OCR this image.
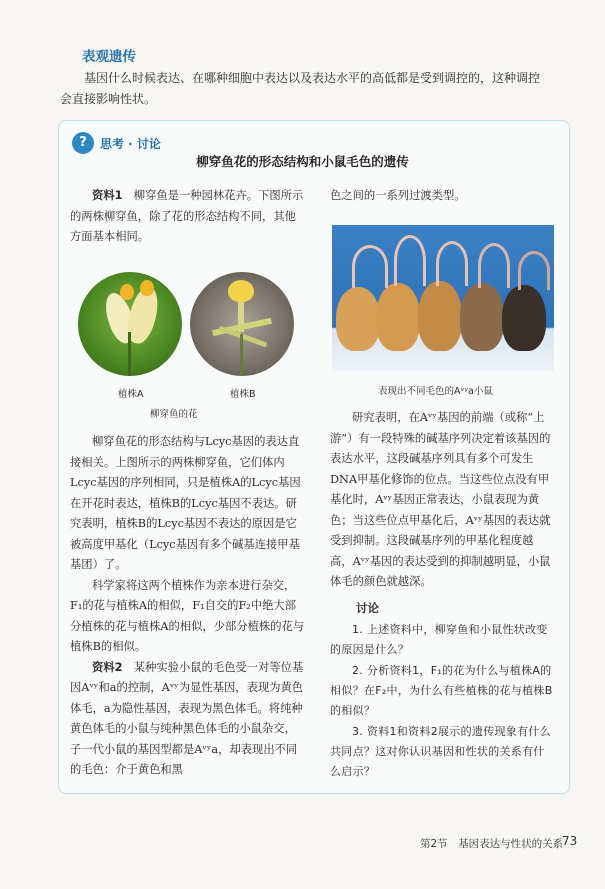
表观遗传
基因什么时候表达、在哪种细胞中表达以及表达水平的高低都是受到调控的，这种调控会直接影响性状。
?	思考 · 讨论
柳穿鱼花的形态结构和小鼠毛色的遗传

资料1　 柳穿鱼是一种园林花卉。下图所示的两株柳穿鱼，除了花的形态结构不同，其他方面基本相同。

植株A	植株B
柳穿鱼的花

柳穿鱼花的形态结构与Lcyc基因的表达直接相关。上图所示的两株柳穿鱼，它们体内Lcyc基因的序列相同，只是植株A的Lcyc基因在开花时表达，植株B的Lcyc基因不表达。研究表明，植株B的Lcyc基因不表达的原因是它被高度甲基化（Lcyc基因有多个碱基连接甲基基团）了。

科学家将这两个植株作为亲本进行杂交，F₁的花与植株A的相似，F₁自交的F₂中绝大部分植株的花与植株A的相似，少部分植株的花与植株B的相似。

资料2　 某种实验小鼠的毛色受一对等位基因Aᵛʸ和a的控制，Aᵛʸ为显性基因，表现为黄色体毛，a为隐性基因，表现为黑色体毛。将纯种黄色体毛的小鼠与纯种黑色体毛的小鼠杂交，子一代小鼠的基因型都是Aᵛʸa，却表现出不同的毛色：介于黄色和黑

色之间的一系列过渡类型。

表现出不同毛色的Aᵛʸa小鼠

研究表明，在Aᵛʸ基因的前端（或称“上游”）有一段特殊的碱基序列决定着该基因的表达水平，这段碱基序列具有多个可发生DNA甲基化修饰的位点。当这些位点没有甲基化时，Aᵛʸ基因正常表达，小鼠表现为黄色；当这些位点甲基化后，Aᵛʸ基因的表达就受到抑制。这段碱基序列的甲基化程度越高，Aᵛʸ基因的表达受到的抑制越明显，小鼠体毛的颜色就越深。

讨论

1. 上述资料中，柳穿鱼和小鼠性状改变的原因是什么？

2. 分析资料1，F₁的花为什么与植株A的相似？在F₂中，为什么有些植株的花与植株B的相似？

3. 资料1和资料2展示的遗传现象有什么共同点？这对你认识基因和性状的关系有什么启示？

第2节　基因表达与性状的关系
73
